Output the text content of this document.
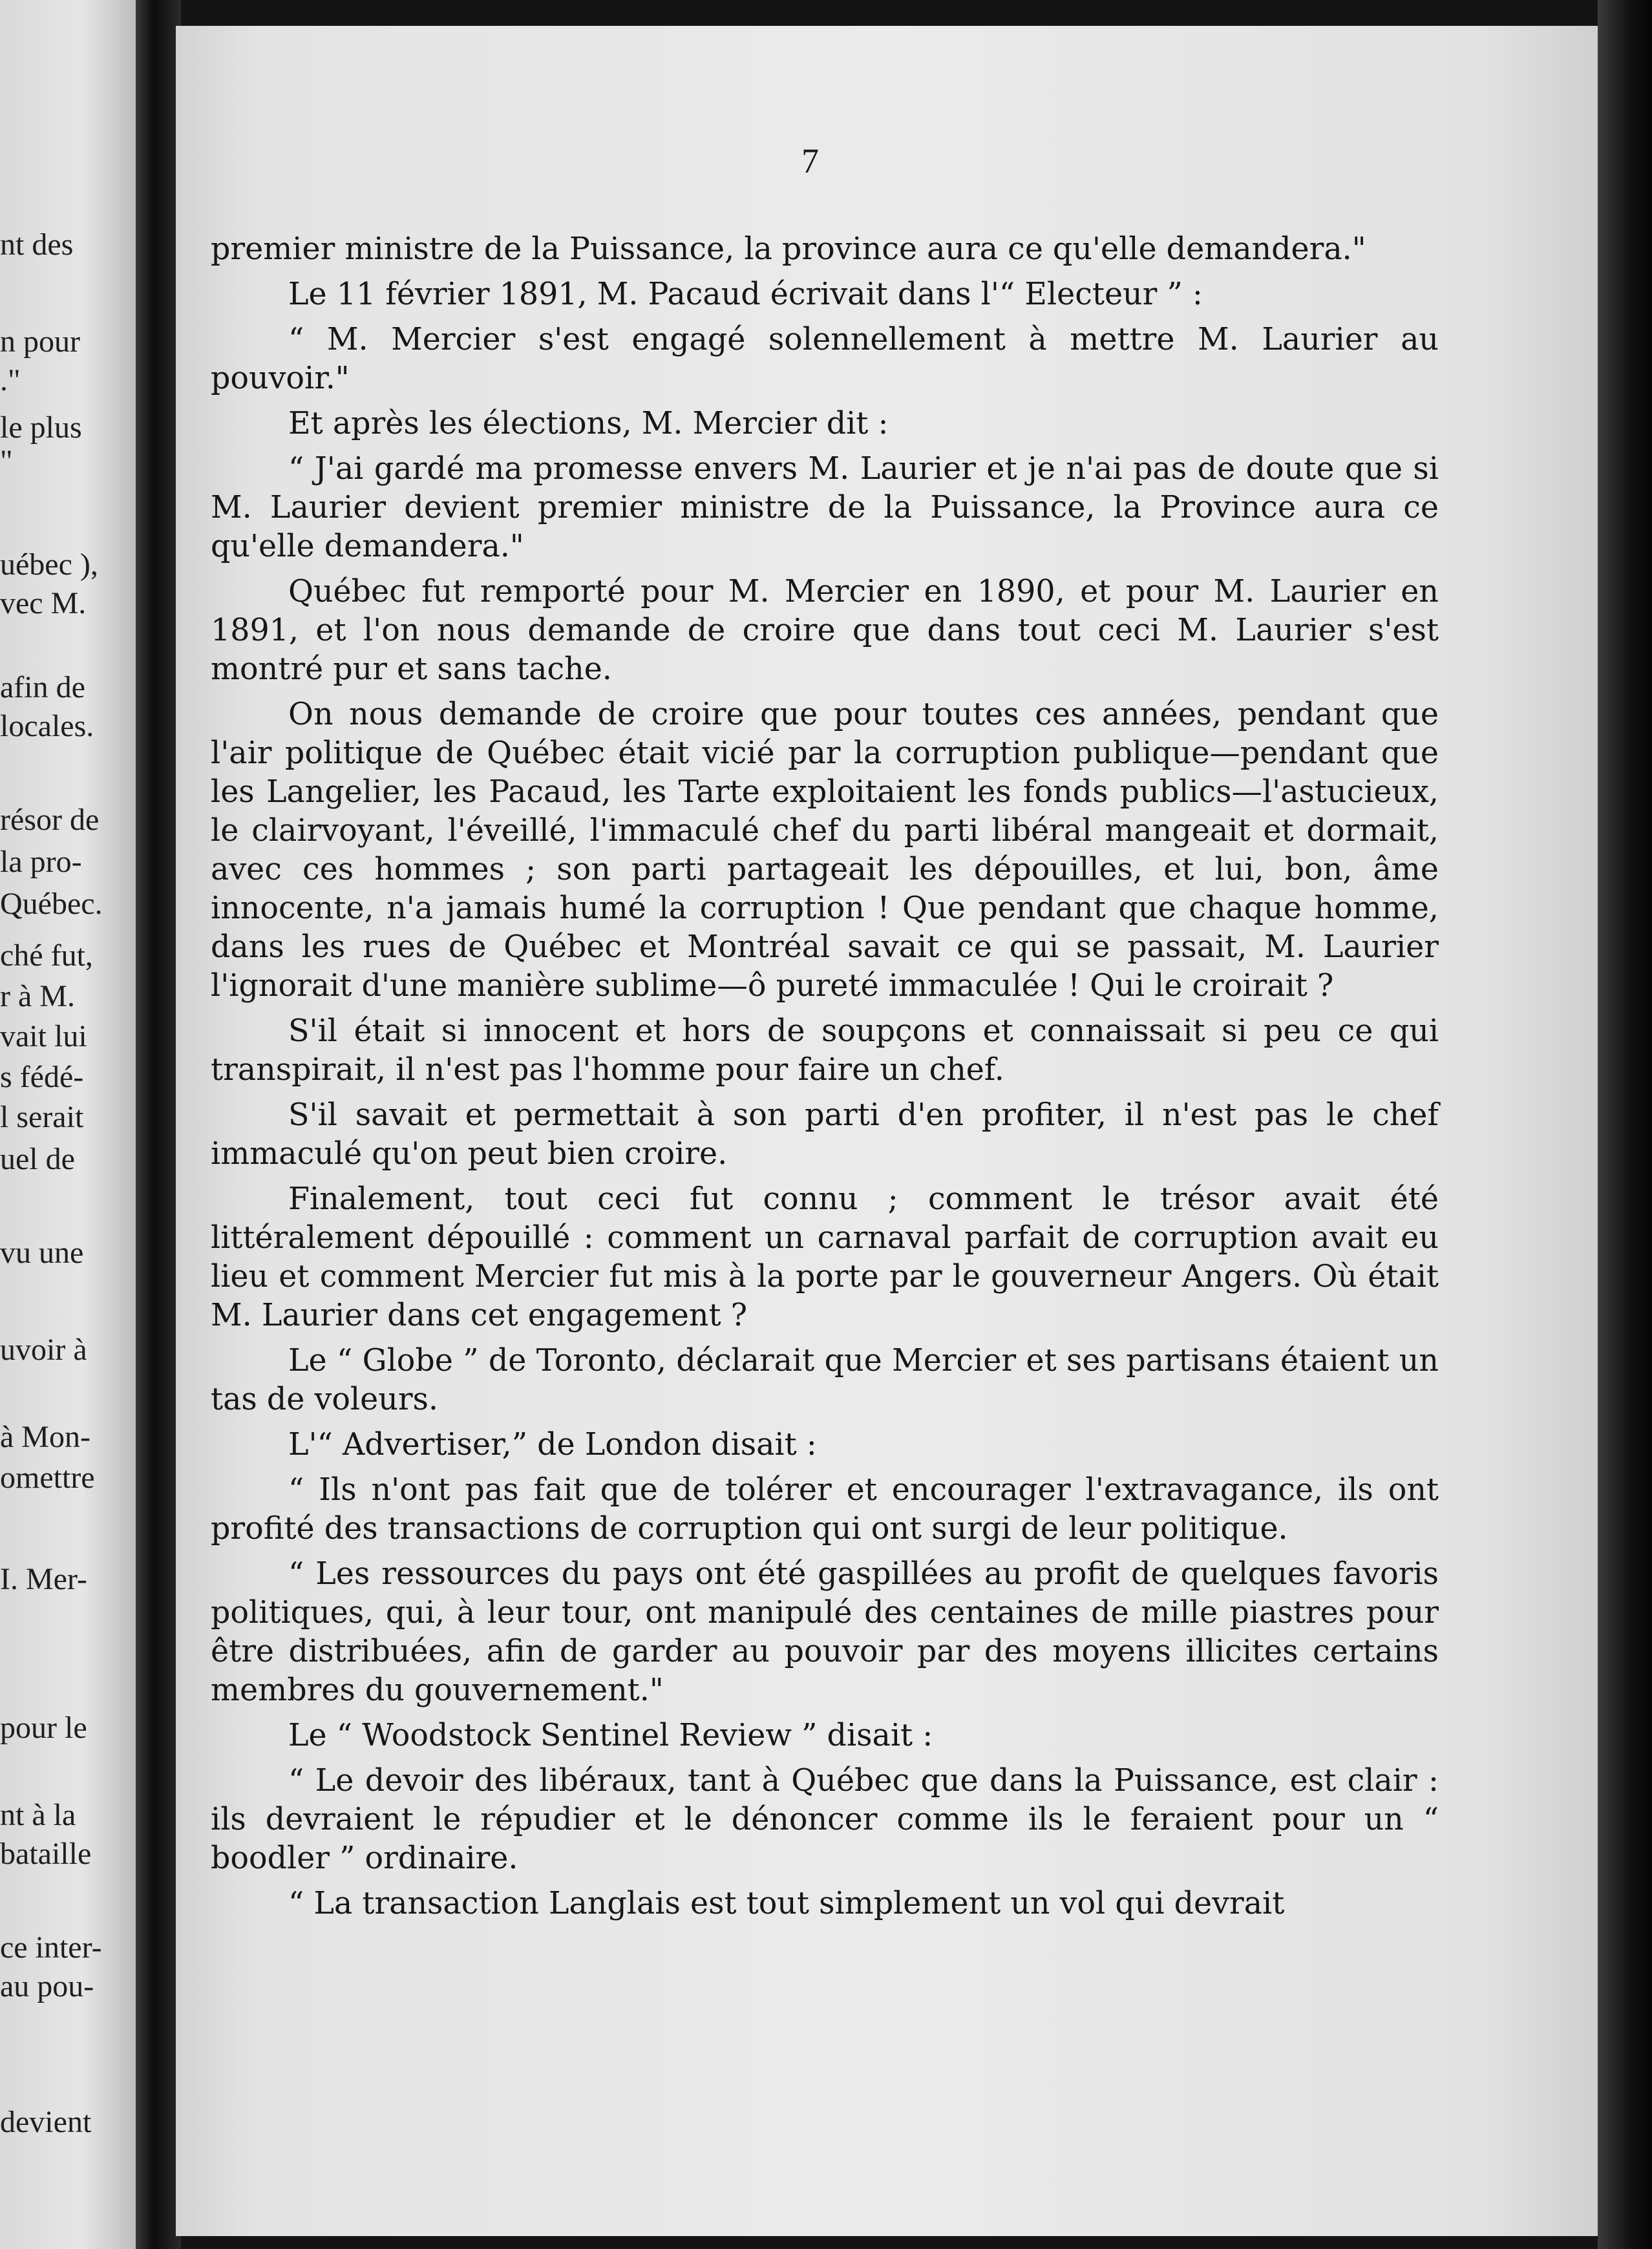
nt des
n pour
."
le plus
"
uébec ),
vec M.
afin de
locales.
résor de
la pro-
Québec.
ché fut,
r à M.
vait lui
s fédé-
l serait
uel de
vu une
uvoir à
à Mon-
omettre
I. Mer-
pour le
nt à la
bataille
ce inter-
au pou-
devient
7

premier ministre de la Puissance, la province aura ce qu'elle demandera."

Le 11 février 1891, M. Pacaud écrivait dans l'“ Electeur ” :

“ M. Mercier s'est engagé solennellement à mettre M. Laurier au pouvoir."

Et après les élections, M. Mercier dit :

“ J'ai gardé ma promesse envers M. Laurier et je n'ai pas de doute que si M. Laurier devient premier ministre de la Puissance, la Province aura ce qu'elle demandera."

Québec fut remporté pour M. Mercier en 1890, et pour M. Laurier en 1891, et l'on nous demande de croire que dans tout ceci M. Laurier s'est montré pur et sans tache.

On nous demande de croire que pour toutes ces années, pendant que l'air politique de Québec était vicié par la corruption publique—pendant que les Langelier, les Pacaud, les Tarte exploitaient les fonds publics—l'astucieux, le clairvoyant, l'éveillé, l'immaculé chef du parti libéral mangeait et dormait, avec ces hommes ; son parti partageait les dépouilles, et lui, bon, âme innocente, n'a jamais humé la corruption ! Que pendant que chaque homme, dans les rues de Québec et Montréal savait ce qui se passait, M. Laurier l'ignorait d'une manière sublime—ô pureté immaculée ! Qui le croirait ?

S'il était si innocent et hors de soupçons et connaissait si peu ce qui transpirait, il n'est pas l'homme pour faire un chef.

S'il savait et permettait à son parti d'en profiter, il n'est pas le chef immaculé qu'on peut bien croire.

Finalement, tout ceci fut connu ; comment le trésor avait été littéralement dépouillé : comment un carnaval parfait de corruption avait eu lieu et comment Mercier fut mis à la porte par le gouverneur Angers. Où était M. Laurier dans cet engagement ?

Le “ Globe ” de Toronto, déclarait que Mercier et ses partisans étaient un tas de voleurs.

L'“ Advertiser,” de London disait :

“ Ils n'ont pas fait que de tolérer et encourager l'extravagance, ils ont profité des transactions de corruption qui ont surgi de leur politique.

“ Les ressources du pays ont été gaspillées au profit de quelques favoris politiques, qui, à leur tour, ont manipulé des centaines de mille piastres pour être distribuées, afin de garder au pouvoir par des moyens illicites certains membres du gouvernement."

Le “ Woodstock Sentinel Review ” disait :

“ Le devoir des libéraux, tant à Québec que dans la Puissance, est clair : ils devraient le répudier et le dénoncer comme ils le feraient pour un “ boodler ” ordinaire.

“ La transaction Langlais est tout simplement un vol qui devrait
